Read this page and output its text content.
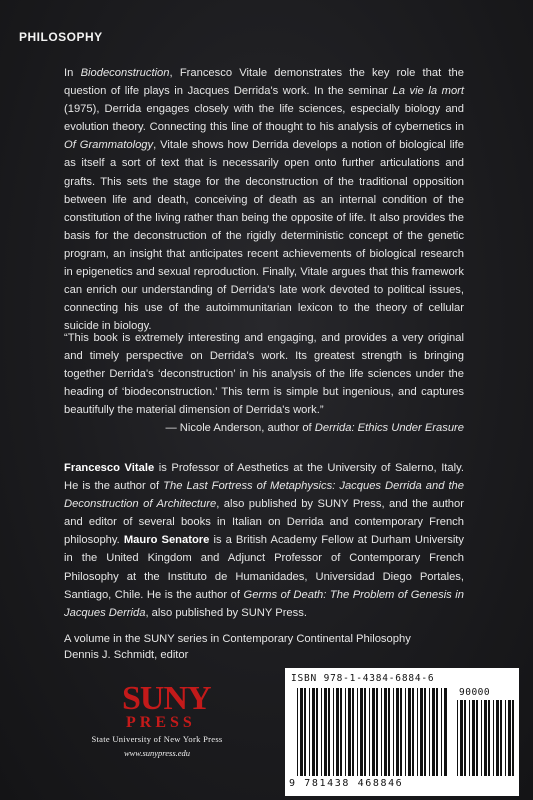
PHILOSOPHY
In Biodeconstruction, Francesco Vitale demonstrates the key role that the question of life plays in Jacques Derrida's work. In the seminar La vie la mort (1975), Derrida engages closely with the life sciences, especially biology and evolution theory. Connecting this line of thought to his analysis of cybernetics in Of Grammatology, Vitale shows how Derrida develops a notion of biological life as itself a sort of text that is necessarily open onto further articulations and grafts. This sets the stage for the deconstruction of the traditional opposition between life and death, conceiving of death as an internal condition of the constitution of the living rather than being the opposite of life. It also provides the basis for the deconstruction of the rigidly deterministic concept of the genetic program, an insight that anticipates recent achievements of biological research in epigenetics and sexual reproduction. Finally, Vitale argues that this framework can enrich our understanding of Derrida's late work devoted to political issues, connecting his use of the autoimmunitarian lexicon to the theory of cellular suicide in biology.
“This book is extremely interesting and engaging, and provides a very original and timely perspective on Derrida's work. Its greatest strength is bringing together Derrida's ‘deconstruction’ in his analysis of the life sciences under the heading of ‘biodeconstruction.’ This term is simple but ingenious, and captures beautifully the material dimension of Derrida's work.”
— Nicole Anderson, author of Derrida: Ethics Under Erasure
Francesco Vitale is Professor of Aesthetics at the University of Salerno, Italy. He is the author of The Last Fortress of Metaphysics: Jacques Derrida and the Deconstruction of Architecture, also published by SUNY Press, and the author and editor of several books in Italian on Derrida and contemporary French philosophy. Mauro Senatore is a British Academy Fellow at Durham University in the United Kingdom and Adjunct Professor of Contemporary French Philosophy at the Instituto de Humanidades, Universidad Diego Portales, Santiago, Chile. He is the author of Germs of Death: The Problem of Genesis in Jacques Derrida, also published by SUNY Press.
A volume in the SUNY series in Contemporary Continental Philosophy
Dennis J. Schmidt, editor
SUNY
PRESS
State University of New York Press
www.sunypress.edu
ISBN 978-1-4384-6884-6
90000
9 781438 468846
